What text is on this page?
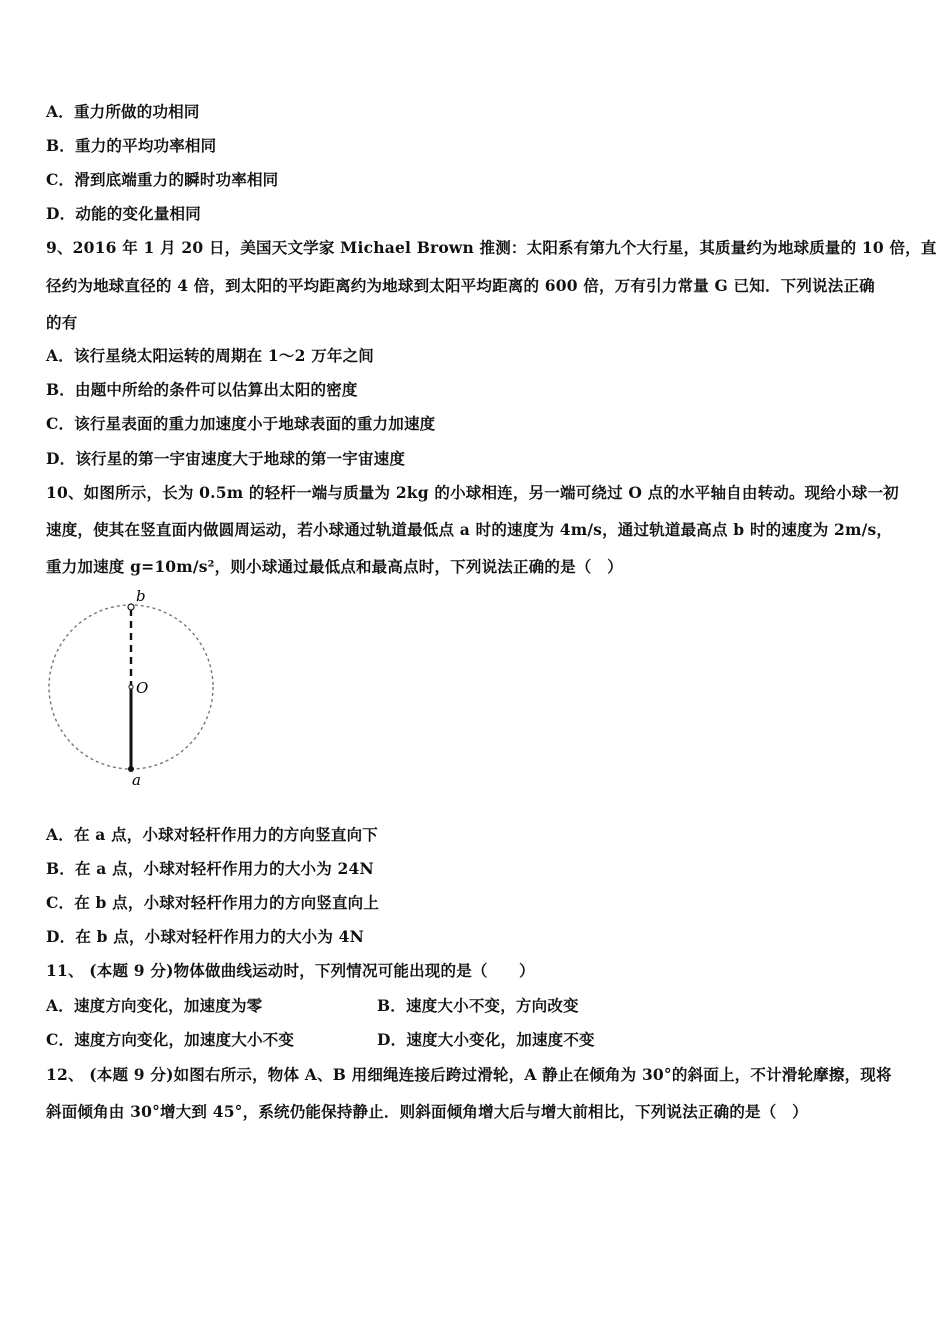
A．重力所做的功相同
B．重力的平均功率相同
C．滑到底端重力的瞬时功率相同
D．动能的变化量相同
9、2016 年 1 月 20 日，美国天文学家 Michael Brown 推测：太阳系有第九个大行星，其质量约为地球质量的 10 倍，直
径约为地球直径的 4 倍，到太阳的平均距离约为地球到太阳平均距离的 600 倍，万有引力常量 G 已知．下列说法正确
的有
A．该行星绕太阳运转的周期在 1～2 万年之间
B．由题中所给的条件可以估算出太阳的密度
C．该行星表面的重力加速度小于地球表面的重力加速度
D．该行星的第一宇宙速度大于地球的第一宇宙速度
10、如图所示，长为 0.5m 的轻杆一端与质量为 2kg 的小球相连，另一端可绕过 O 点的水平轴自由转动。现给小球一初
速度，使其在竖直面内做圆周运动，若小球通过轨道最低点 a 时的速度为 4m/s，通过轨道最高点 b 时的速度为 2m/s，
重力加速度 g=10m/s²，则小球通过最低点和最高点时，下列说法正确的是（　）
b
O
a
A．在 a 点，小球对轻杆作用力的方向竖直向下
B．在 a 点，小球对轻杆作用力的大小为 24N
C．在 b 点，小球对轻杆作用力的方向竖直向上
D．在 b 点，小球对轻杆作用力的大小为 4N
11、 (本题 9 分)物体做曲线运动时，下列情况可能出现的是（　　）
A．速度方向变化，加速度为零	B．速度大小不变，方向改变
C．速度方向变化，加速度大小不变	D．速度大小变化，加速度不变
12、 (本题 9 分)如图右所示，物体 A、B 用细绳连接后跨过滑轮，A 静止在倾角为 30°的斜面上，不计滑轮摩擦，现将
斜面倾角由 30°增大到 45°，系统仍能保持静止．则斜面倾角增大后与增大前相比，下列说法正确的是（　）
